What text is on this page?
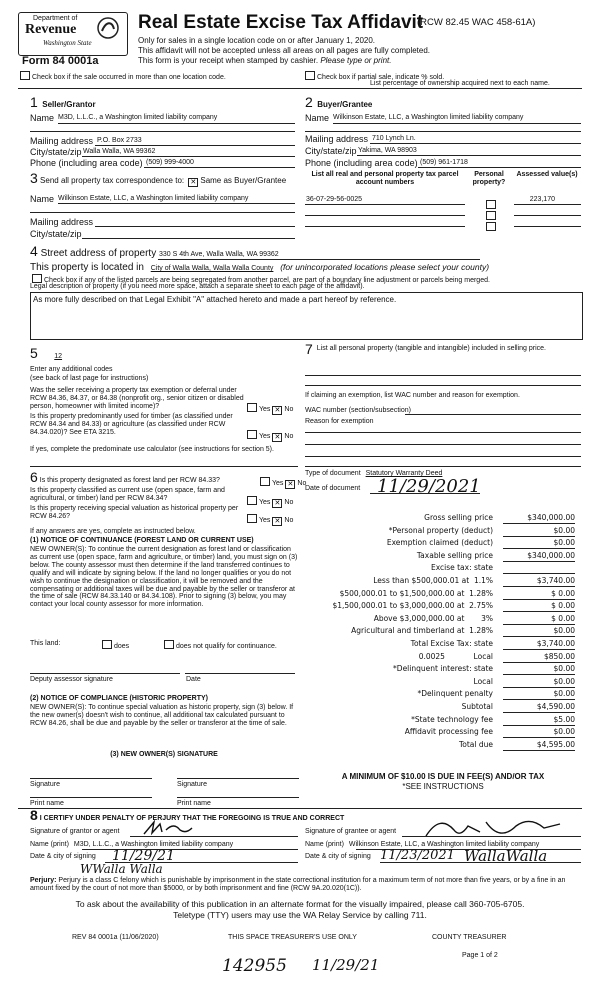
Department of
Revenue
Washington State
Form 84 0001a
Real Estate Excise Tax Affidavit
(RCW 82.45 WAC 458-61A)
Only for sales in a single location code on or after January 1, 2020.
This affidavit will not be accepted unless all areas on all pages are fully completed.
This form is your receipt when stamped by cashier. Please type or print.
Check box if the sale occurred in more than one location code.	Check box if partial sale, indicate % sold.
List percentage of ownership acquired next to each name.
1 Seller/Grantor
Name M3D, L.L.C., a Washington limited liability company
Mailing address P.O. Box 2733
City/state/zip Walla Walla, WA 99362
Phone (including area code) (509) 999-4000
2 Buyer/Grantee
Name Wilkinson Estate, LLC, a Washington limited liability company
Mailing address 710 Lynch Ln.
City/state/zip Yakima, WA 98903
Phone (including area code) (509) 961-1718
3 Send all property tax correspondence to: ✕ Same as Buyer/Grantee
Name Wilkinson Estate, LLC, a Washington limited liability company
Mailing address
City/state/zip
List all real and personal property tax parcel account numbers
Personal property?
Assessed value(s)
36-07-29-56-0025	223,170
4 Street address of property 330 S 4th Ave, Walla Walla, WA 99362
This property is located in City of Walla Walla, Walla Walla County (for unincorporated locations please select your county)
Check box if any of the listed parcels are being segregated from another parcel, are part of a boundary line adjustment or parcels being merged.
Legal description of property (if you need more space, attach a separate sheet to each page of the affidavit).
As more fully described on that Legal Exhibit "A" attached hereto and made a part hereof by reference.
5 12
Enter any additional codes
(see back of last page for instructions)
Was the seller receiving a property tax exemption or deferral under RCW 84.36, 84.37, or 84.38 (nonprofit org., senior citizen or disabled person, homeowner with limited income)?	Yes ✕ No
Is this property predominantly used for timber (as classified under RCW 84.34 and 84.33) or agriculture (as classified under RCW 84.34.020)? See ETA 3215.
Yes ✕ No
If yes, complete the predominate use calculator (see instructions for section 5).
7 List all personal property (tangible and intangible) included in selling price.
If claiming an exemption, list WAC number and reason for exemption.
WAC number (section/subsection)
Reason for exemption
Type of document Statutory Warranty Deed
Date of document 11/29/2021
Gross selling price	$340,000.00
*Personal property (deduct)	$0.00
Exemption claimed (deduct)	$0.00
Taxable selling price	$340,000.00
Excise tax: state
Less than $500,000.01 at  1.1%	$3,740.00
$500,000.01 to $1,500,000.00 at  1.28%	$ 0.00
$1,500,000.01 to $3,000,000.00 at  2.75%	$ 0.00
Above $3,000,000.00 at       3%	$ 0.00
Agricultural and timberland at  1.28%	$0.00
Total Excise Tax: state	$3,740.00
0.0025            Local	$850.00
*Delinquent interest: state	$0.00
Local	$0.00
*Delinquent penalty	$0.00
Subtotal	$4,590.00
*State technology fee	$5.00
Affidavit processing fee	$0.00
Total due	$4,595.00
6 Is this property designated as forest land per RCW 84.33?	Yes ✕ No
Is this property classified as current use (open space, farm and agricultural, or timber) land per RCW 84.34?
Yes ✕ No
Is this property receiving special valuation as historical property per RCW 84.26?
Yes ✕ No
If any answers are yes, complete as instructed below.
(1) NOTICE OF CONTINUANCE (FOREST LAND OR CURRENT USE)
NEW OWNER(S): To continue the current designation as forest land or classification as current use (open space, farm and agriculture, or timber) land, you must sign on (3) below. The county assessor must then determine if the land transferred continues to qualify and will indicate by signing below. If the land no longer qualifies or you do not wish to continue the designation or classification, it will be removed and the compensating or additional taxes will be due and payable by the seller or transferor at the time of sale (RCW 84.33.140 or 84.34.108). Prior to signing (3) below, you may contact your local county assessor for more information.
This land:	does	does not qualify for continuance.
Deputy assessor signature	Date
(2) NOTICE OF COMPLIANCE (HISTORIC PROPERTY)
NEW OWNER(S): To continue special valuation as historic property, sign (3) below. If the new owner(s) doesn't wish to continue, all additional tax calculated pursuant to RCW 84.26, shall be due and payable by the seller or transferor at the time of sale.
(3) NEW OWNER(S) SIGNATURE
Signature	Signature
Print name	Print name
A MINIMUM OF $10.00 IS DUE IN FEE(S) AND/OR TAX
*SEE INSTRUCTIONS
8 I CERTIFY UNDER PENALTY OF PERJURY THAT THE FOREGOING IS TRUE AND CORRECT
Signature of grantor or agent	Signature of grantee or agent
Name (print) M3D, L.L.C., a Washington limited liability company	Name (print) Wilkinson Estate, LLC, a Washington limited liability company
Date & city of signing 11/29/21
WWalla Walla
Date & city of signing 11/23/2021 WallaWalla
Perjury: Perjury is a class C felony which is punishable by imprisonment in the state correctional institution for a maximum term of not more than five years, or by a fine in an amount fixed by the court of not more than $5000, or by both imprisonment and fine (RCW 9A.20.020(1C)).
To ask about the availability of this publication in an alternate format for the visually impaired, please call 360-705-6705.
Teletype (TTY) users may use the WA Relay Service by calling 711.
REV 84 0001a (11/06/2020)	THIS SPACE TREASURER'S USE ONLY	COUNTY TREASURER
Page 1 of 2
142955 11/29/21
